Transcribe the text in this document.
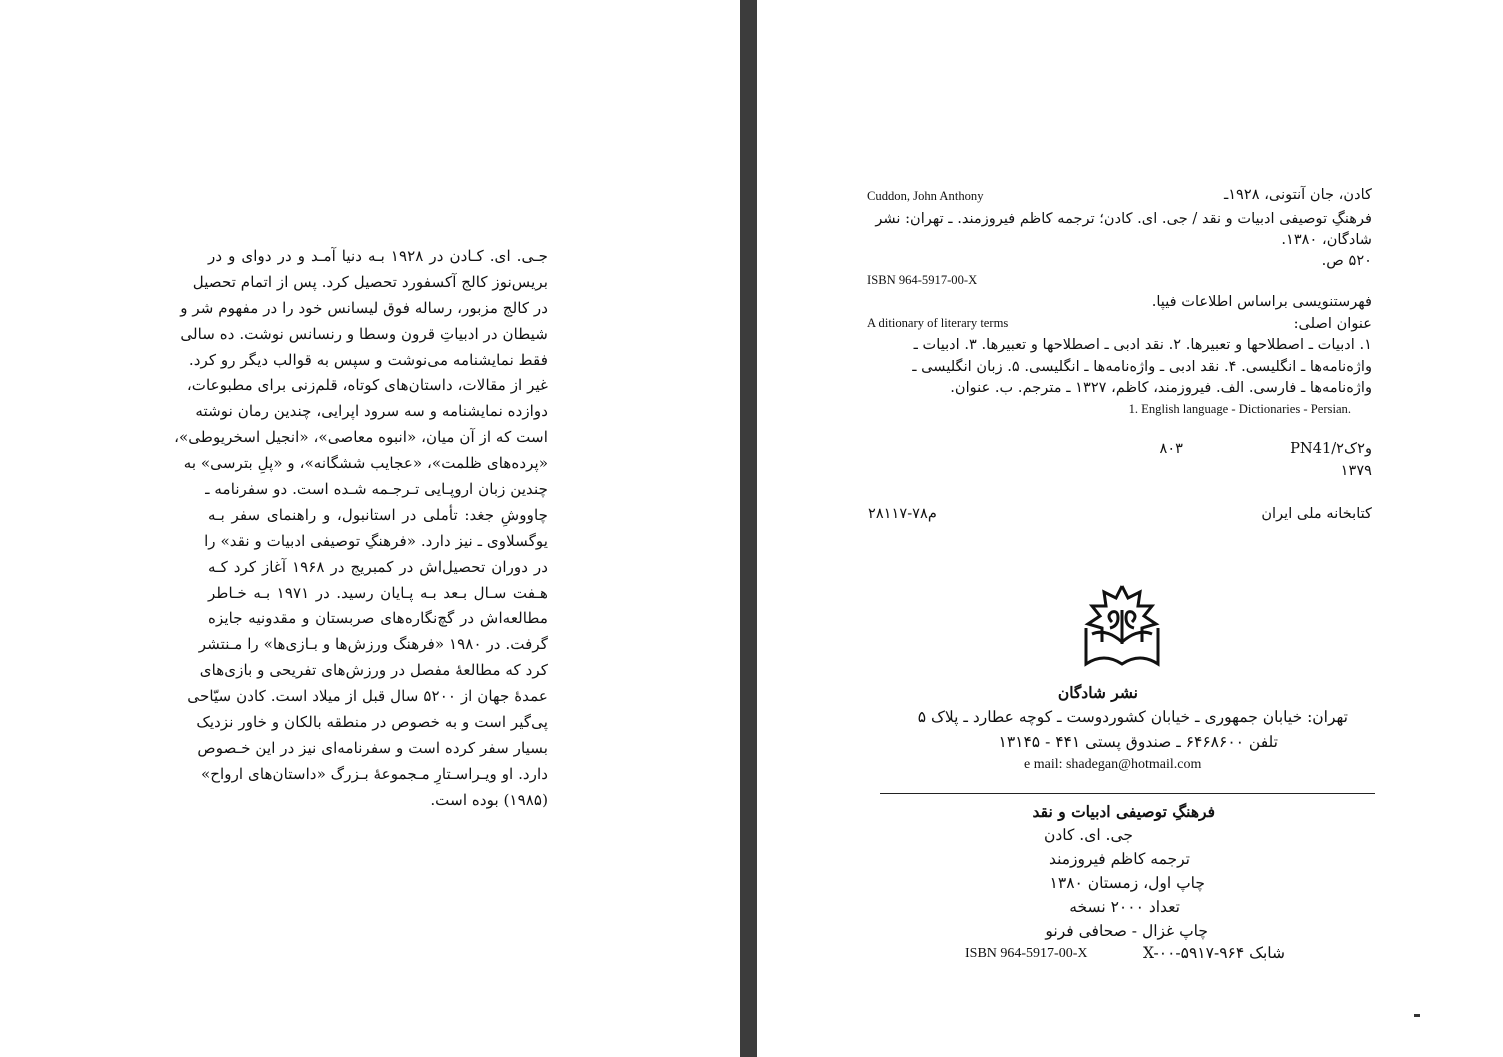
جـی. ای. کـادن در ۱۹۲۸ بـه دنیا آمـد و در دوای و در
بریس‌نوز کالج آکسفورد تحصیل کرد. پس از اتمام تحصیل
در کالج مزبور، رساله فوق لیسانس خود را در مفهوم شر و
شیطان در ادبیاتِ قرون وسطا و رنسانس نوشت. ده سالی
فقط نمایشنامه می‌نوشت و سپس به قوالب دیگر رو کرد.
غیر از مقالات، داستان‌های کوتاه، قلم‌زنی برای مطبوعات،
دوازده نمایشنامه و سه سرود اپرایی، چندین رمان نوشته
است که از آن میان، «انبوه معاصی»، «انجیل اسخریوطی»،
«پرده‌های ظلمت»، «عجایب ششگانه»، و «پلِ بترسی» به
چندین زبان اروپـایی تـرجـمه شـده است. دو سفرنامه ـ
چاووشِ جغد: تأملی در استانبول، و راهنمای سفر بـه
یوگسلاوی ـ نیز دارد. «فرهنگِ توصیفی ادبیات و نقد» را
در دوران تحصیل‌اش در کمبریج در ۱۹۶۸ آغاز کرد کـه
هـفت سـال بـعد بـه پـایان رسید. در ۱۹۷۱ بـه خـاطر
مطالعه‌اش در گچ‌نگاره‌های صربستان و مقدونیه جایزه
گرفت. در ۱۹۸۰ «فرهنگ ورزش‌ها و بـازی‌ها» را مـنتشر
کرد که مطالعهٔ مفصل در ورزش‌های تفریحی و بازی‌های
عمدهٔ جهان از ۵۲۰۰ سال قبل از میلاد است. کادن سیّاحی
پی‌گیر است و به خصوص در منطقه بالکان و خاور نزدیک
بسیار سفر کرده است و سفرنامه‌ای نیز در این خـصوص
دارد. او ویـراسـتارِ مـجموعهٔ بـزرگ «داستان‌های ارواح»
(۱۹۸۵) بوده است.
کادن، جان آنتونی، ۱۹۲۸ـ
Cuddon, John Anthony
فرهنگِ توصیفی ادبیات و نقد / جی. ای. کادن؛ ترجمه کاظم فیروزمند. ـ تهران: نشر
شادگان، ۱۳۸۰.
۵۲۰ ص.
ISBN 964-5917-00-X
فهرستنویسی براساس اطلاعات فیپا.
عنوان اصلی:
A ditionary of literary terms
۱. ادبیات ـ اصطلاحها و تعبیرها. ۲. نقد ادبی ـ اصطلاحها و تعبیرها. ۳. ادبیات ـ
واژه‌نامه‌ها ـ انگلیسی. ۴. نقد ادبی ـ واژه‌نامه‌ها ـ انگلیسی. ۵. زبان انگلیسی ـ
واژه‌نامه‌ها ـ فارسی. الف. فیروزمند، کاظم، ۱۳۲۷ ـ مترجم. ب. عنوان.
1. English language - Dictionaries - Persian.
PN41/۲و۲ک
۸۰۳
۱۳۷۹
کتابخانه ملی ایران
م۷۸-۲۸۱۱۷
نشر شادگان
تهران: خیابان جمهوری ـ خیابان کشوردوست ـ کوچه عطارد ـ پلاک ۵
تلفن ۶۴۶۸۶۰۰ ـ صندوق پستی ۴۴۱ - ۱۳۱۴۵
e mail: shadegan@hotmail.com
فرهنگِ توصیفی ادبیات و نقد
جی. ای. کادن
ترجمه کاظم فیروزمند
چاپ اول، زمستان ۱۳۸۰
تعداد ۲۰۰۰ نسخه
چاپ غزال - صحافی فرنو
شابک X-۰۰-۵۹۱۷-۹۶۴
ISBN 964-5917-00-X
